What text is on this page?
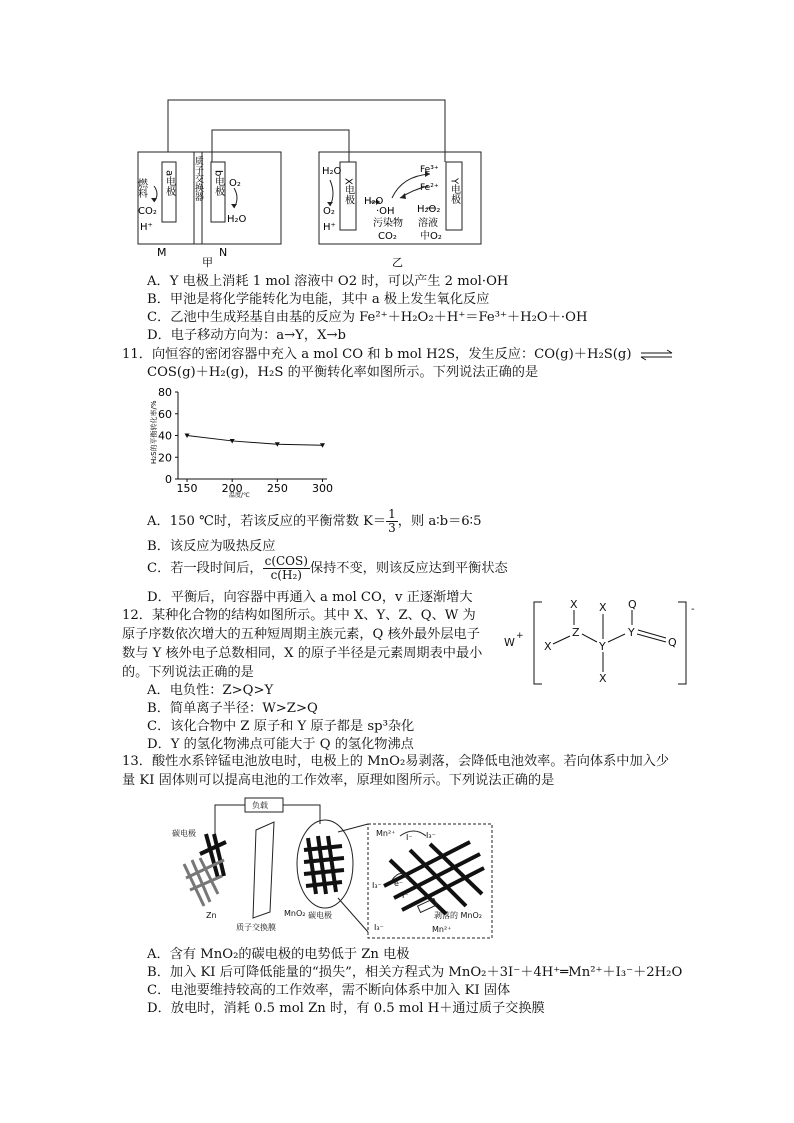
燃料 a电极 质子交换器 b电极 O₂
H₂O
CO₂
H⁺
M	N
甲
X电极	Y电极
H₂O
O₂
H⁺
Fe³⁺
Fe²⁺
H₂O
·OH
污染物
CO₂
H₂O₂
溶液
中O₂
乙
A．Y 电极上消耗 1 mol 溶液中 O2 时，可以产生 2 mol·OH
B．甲池是将化学能转化为电能，其中 a 极上发生氧化反应
C．乙池中生成羟基自由基的反应为 Fe²⁺＋H₂O₂＋H⁺＝Fe³⁺＋H₂O＋·OH
D．电子移动方向为：a→Y，X→b
11．向恒容的密闭容器中充入 a mol CO 和 b mol H2S，发生反应：CO(g)＋H₂S(g) ⇌
COS(g)＋H₂(g)，H₂S 的平衡转化率如图所示。下列说法正确的是
H₂S的平衡转化率/%
温度/℃
0
20
40
60
80
150 200 250 300
A．150 ℃时，若该反应的平衡常数 $K= \frac{1}{3}$ ，则 a∶b＝6∶5
B．该反应为吸热反应
C．若一段时间后， $\frac{\text{c(COS)}}{\text{c(H₂)}}$ 保持不变，则该反应达到平衡状态
D．平衡后，向容器中再通入 a mol CO，v 正逐渐增大
12．某种化合物的结构如图所示。其中 X、Y、Z、Q、W 为原子序数依次增大的五种短周期主族元素，Q 核外最外层电子数与 Y 核外电子总数相同，X 的原子半径是元素周期表中最小的。下列说法正确的是
A．电负性：Z>Q>Y
B．简单离子半径：W>Z>Q
C．该化合物中 Z 原子和 Y 原子都是 sp³杂化
D．Y 的氢化物沸点可能大于 Q 的氢化物沸点
W +
-
X X Q
X
Z
Y
Y
Q
X
13．酸性水系锌锰电池放电时，电极上的 MnO₂易剥落，会降低电池效率。若向体系中加入少量 KI 固体则可以提高电池的工作效率，原理如图所示。下列说法正确的是
负载
碳电极
Zn
质子交换膜
MnO₂ 碳电极
Mn²⁺ I⁻ I₃⁻
I₃⁻ e⁻
I⁻
剥落的 MnO₂
I₃⁻	Mn²⁺
A．含有 MnO₂的碳电极的电势低于 Zn 电极
B．加入 KI 后可降低能量的“损失”，相关方程式为 MnO₂＋3I⁻＋4H⁺═Mn²⁺＋I₃⁻＋2H₂O
C．电池要维持较高的工作效率，需不断向体系中加入 KI 固体
D．放电时，消耗 0.5 mol Zn 时，有 0.5 mol H＋通过质子交换膜
